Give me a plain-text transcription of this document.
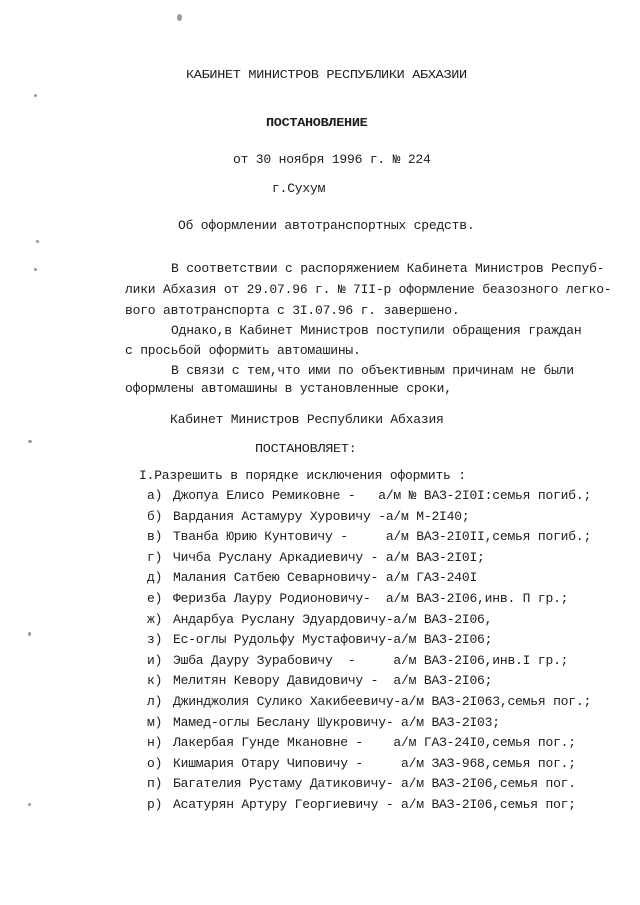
КАБИНЕТ МИНИСТРОВ РЕСПУБЛИКИ АБХАЗИИ
ПОСТАНОВЛЕНИЕ
от 30 ноября 1996 г. № 224
г.Сухум
Об оформлении автотранспортных средств.
В соответствии с распоряжением Кабинета Министров Респуб-
лики Абхазия от 29.07.96 г. № 7II-р оформление беазозного легко-
вого автотранспорта с 3I.07.96 г. завершено.
Однако,в Кабинет Министров поступили обращения граждан
с просьбой оформить автомашины.
В связи с тем,что ими по объективным причинам не были
оформлены автомашины в установленные сроки,
Кабинет Министров Республики Абхазия
ПОСТАНОВЛЯЕТ:
I.Разрешить в порядке исключения оформить :
а) Джопуа Елисо Ремиковне -   а/м № ВАЗ-2I0I:семья погиб.;
б) Вардания Астамуру Хуровичу -а/м М-2I40;
в) Тванба Юрию Кунтовичу -     а/м ВАЗ-2I0II,семья погиб.;
г) Чичба Руслану Аркадиевичу - а/м ВАЗ-2I0I;
д) Малания Сатбею Севарновичу- а/м ГАЗ-240I
е) Феризба Лауру Родионовичу-  а/м ВАЗ-2I06,инв. П гр.;
ж) Андарбуа Руслану Эдуардовичу-а/м ВАЗ-2I06,
з) Ес-оглы Рудольфу Мустафовичу-а/м ВАЗ-2I06;
и) Эшба Дауру Зурабовичу  -     а/м ВАЗ-2I06,инв.I гр.;
к) Мелитян Кевору Давидовичу -  а/м ВАЗ-2I06;
л) Джинджолия Сулико Хакибеевичу-а/м ВАЗ-2I063,семья пог.;
м) Мамед-оглы Беслану Шукровичу- а/м ВАЗ-2I03;
н) Лакербая Гунде Мкановне -    а/м ГАЗ-24I0,семья пог.;
о) Кишмария Отару Чиповичу -     а/м ЗАЗ-968,семья пог.;
п) Багателия Рустаму Датиковичу- а/м ВАЗ-2I06,семья пог.
р) Асатурян Артуру Георгиевичу - а/м ВАЗ-2I06,семья пог;
